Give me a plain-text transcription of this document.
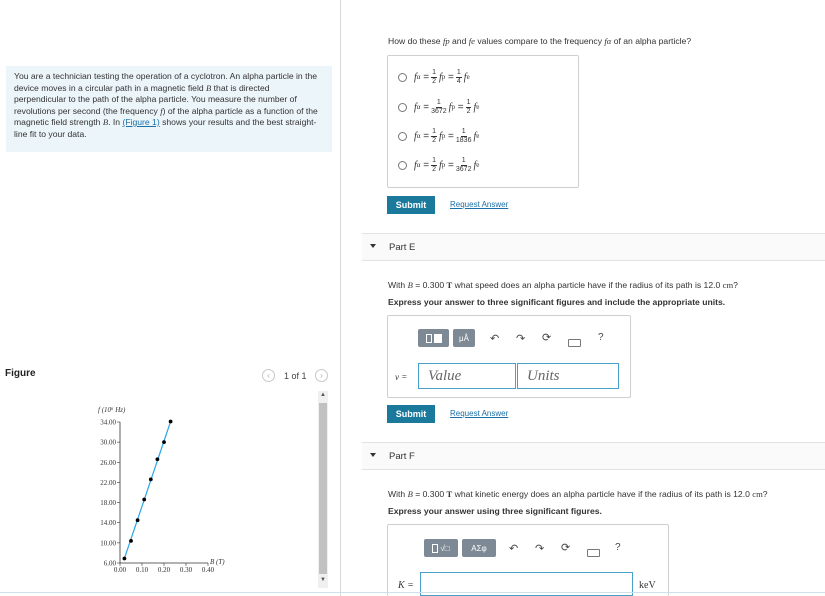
You are a technician testing the operation of a cyclotron. An alpha particle in the device moves in a circular path in a magnetic field B that is directed perpendicular to the path of the alpha particle. You measure the number of revolutions per second (the frequency f) of the alpha particle as a function of the magnetic field strength B. In (Figure 1) shows your results and the best straight-line fit to your data.
Figure	‹	1 of 1	›
6.00
10.00
14.00
18.00
22.00
26.00
30.00
34.00
0.00 0.10 0.20 0.30 0.40
f (10⁶ Hz)
B (T)
▲
▼
How do these fp and fe values compare to the frequency fα of an alpha particle?
f $\alpha = \frac{1}{2}$ f $p = \frac{1}{4}$ f e
f $\alpha = \frac{1}{3672}$ f $p = \frac{1}{2}$ f e
f $\alpha = \frac{1}{2}$ f $p = \frac{1}{1836}$ f e
f $\alpha = \frac{1}{2}$ f $p = \frac{1}{3672}$ f e
Submit	Request Answer
Part E
With B = 0.300 T what speed does an alpha particle have if the radius of its path is 12.0 cm?
Express your answer to three significant figures and include the appropriate units.
μÅ	↶ ↷ ⟳	?
v =	Value	Units
Submit	Request Answer
Part F
With B = 0.300 T what kinetic energy does an alpha particle have if the radius of its path is 12.0 cm?
Express your answer using three significant figures.
√□	ΑΣφ	↶ ↷ ⟳	?
K =	keV
